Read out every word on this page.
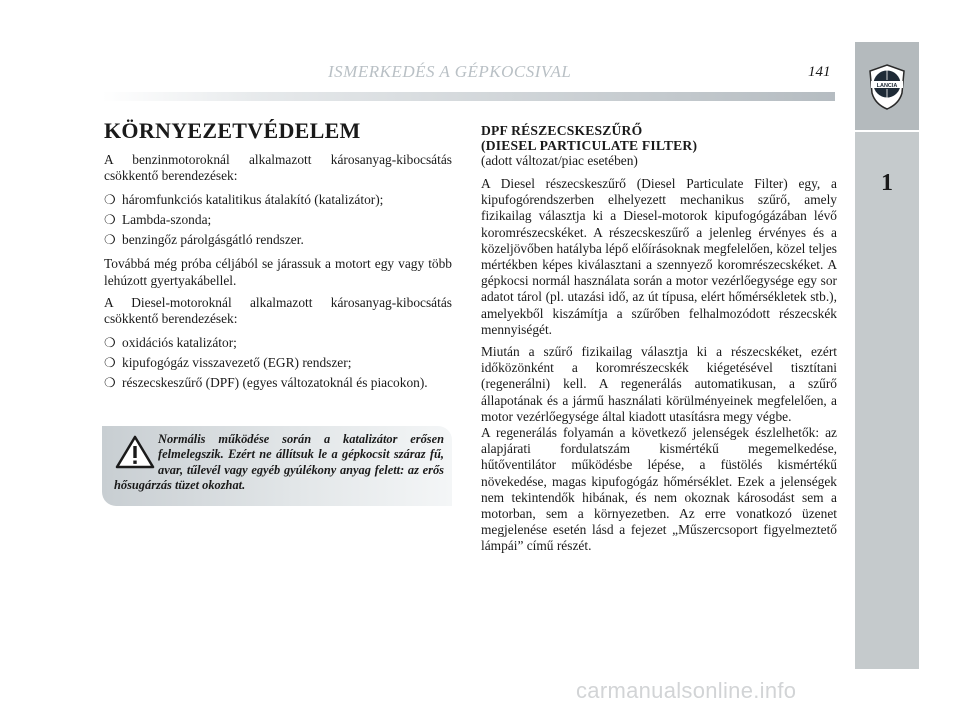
ISMERKEDÉS A GÉPKOCSIVAL	141
LANCIA
1
KÖRNYEZETVÉDELEM

A benzinmotoroknál alkalmazott károsanyag-kibocsátás csökkentő berendezések:

❍ háromfunkciós katalitikus átalakító (katalizátor);
❍ Lambda-szonda;
❍ benzingőz párolgásgátló rendszer.

Továbbá még próba céljából se járassuk a motort egy vagy több lehúzott gyertyakábellel.

A Diesel-motoroknál alkalmazott károsanyag-kibocsátás csökkentő berendezések:

❍ oxidációs katalizátor;
❍ kipufogógáz visszavezető (EGR) rendszer;
❍ részecskeszűrő (DPF) (egyes változatoknál és piacokon).
Normális működése során a katalizátor erősen felmelegszik. Ezért ne állítsuk le a gépkocsit száraz fű, avar, tűlevél vagy egyéb gyúlékony anyag felett: az erős hősugárzás tüzet okozhat.
DPF RÉSZECSKESZŰRŐ
(DIESEL PARTICULATE FILTER)
(adott változat/piac esetében)

A Diesel részecskeszűrő (Diesel Particulate Filter) egy, a kipufogórendszerben elhelyezett mechanikus szűrő, amely fizikailag választja ki a Diesel-motorok kipufogógázában lévő koromrészecskéket. A részecskeszűrő a jelenleg érvényes és a közeljövőben hatályba lépő előírásoknak megfelelően, közel teljes mértékben képes kiválasztani a szennyező koromrészecskéket. A gépkocsi normál használata során a motor vezérlőegysége egy sor adatot tárol (pl. utazási idő, az út típusa, elért hőmérsékletek stb.), amelyekből kiszámítja a szűrőben felhalmozódott részecskék mennyiségét.

Miután a szűrő fizikailag választja ki a részecskéket, ezért időközönként a koromrészecskék kiégetésével tisztítani (regenerálni) kell. A regenerálás automatikusan, a szűrő állapotának és a jármű használati körülményeinek megfelelően, a motor vezérlőegysége által kiadott utasításra megy végbe.

A regenerálás folyamán a következő jelenségek észlelhetők: az alapjárati fordulatszám kismértékű megemelkedése, hűtőventilátor működésbe lépése, a füstölés kismértékű növekedése, magas kipufogógáz hőmérséklet. Ezek a jelenségek nem tekintendők hibának, és nem okoznak károsodást sem a motorban, sem a környezetben. Az erre vonatkozó üzenet megjelenése esetén lásd a fejezet „Műszercsoport figyelmeztető lámpái” című részét.

carmanualsonline.info
